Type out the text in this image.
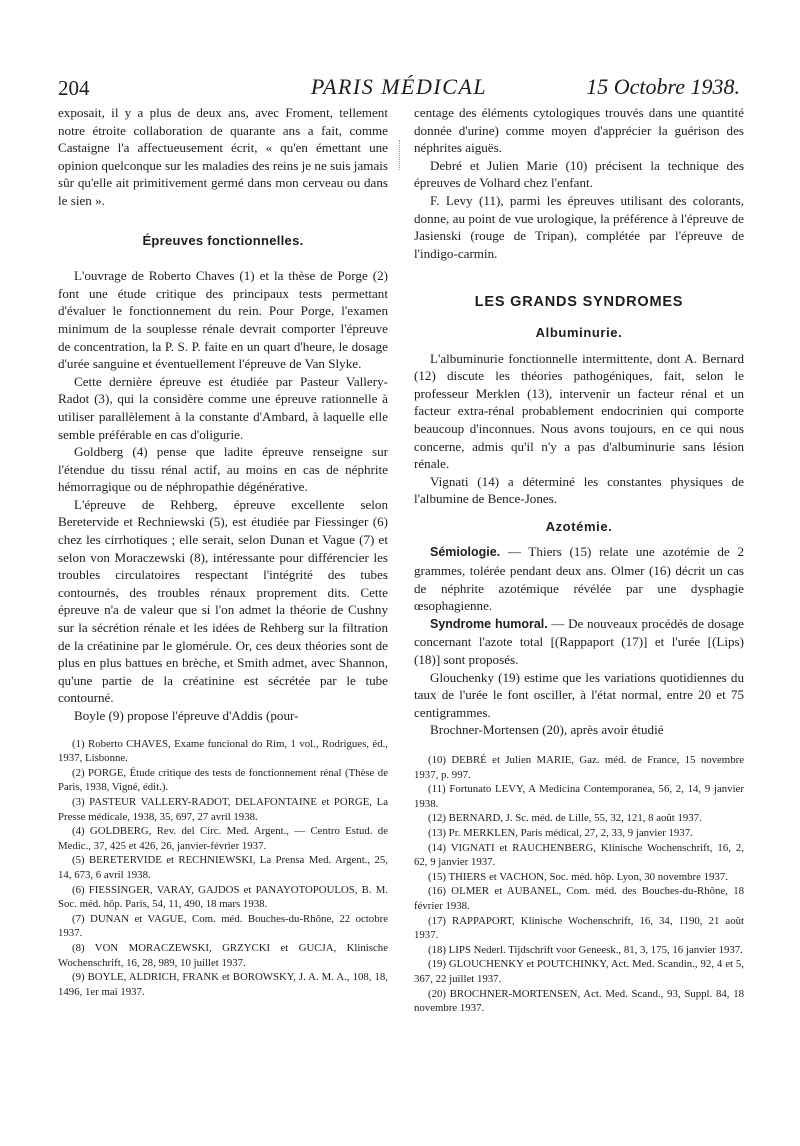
204	PARIS MÉDICAL	15 Octobre 1938.

exposait, il y a plus de deux ans, avec Froment, tellement notre étroite collaboration de quarante ans a fait, comme Castaigne l'a affectueusement écrit, « qu'en émettant une opinion quelconque sur les maladies des reins je ne suis jamais sûr qu'elle ait primitivement germé dans mon cerveau ou dans le sien ».

Épreuves fonctionnelles.

L'ouvrage de Roberto Chaves (1) et la thèse de Porge (2) font une étude critique des principaux tests permettant d'évaluer le fonctionnement du rein. Pour Porge, l'examen minimum de la souplesse rénale devrait comporter l'épreuve de concentration, la P. S. P. faite en un quart d'heure, le dosage d'urée sanguine et éventuellement l'épreuve de Van Slyke.

Cette dernière épreuve est étudiée par Pasteur Vallery-Radot (3), qui la considère comme une épreuve rationnelle à utiliser parallèlement à la constante d'Ambard, à laquelle elle semble préférable en cas d'oligurie.

Goldberg (4) pense que ladite épreuve renseigne sur l'étendue du tissu rénal actif, au moins en cas de néphrite hémorragique ou de néphropathie dégénérative.

L'épreuve de Rehberg, épreuve excellente selon Beretervide et Rechniewski (5), est étudiée par Fiessinger (6) chez les cirrhotiques ; elle serait, selon Dunan et Vague (7) et selon von Moraczewski (8), intéressante pour différencier les troubles circulatoires respectant l'intégrité des tubes contournés, des troubles rénaux proprement dits. Cette épreuve n'a de valeur que si l'on admet la théorie de Cushny sur la sécrétion rénale et les idées de Rehberg sur la filtration de la créatinine par le glomérule. Or, ces deux théories sont de plus en plus battues en brèche, et Smith admet, avec Shannon, qu'une partie de la créatinine est sécrétée par le tube contourné.

Boyle (9) propose l'épreuve d'Addis (pour-

(1) Roberto CHAVES, Exame funcional do Rim, 1 vol., Rodrigues, éd., 1937, Lisbonne.

(2) PORGE, Étude critique des tests de fonctionnement rénal (Thèse de Paris, 1938, Vigné, édit.).

(3) PASTEUR VALLERY-RADOT, DELAFONTAINE et PORGE, La Presse médicale, 1938, 35, 697, 27 avril 1938.

(4) GOLDBERG, Rev. del Circ. Med. Argent., — Centro Estud. de Medic., 37, 425 et 426, 26, janvier-février 1937.

(5) BERETERVIDE et RECHNIEWSKI, La Prensa Med. Argent., 25, 14, 673, 6 avril 1938.

(6) FIESSINGER, VARAY, GAJDOS et PANAYOTOPOULOS, B. M. Soc. méd. hôp. Paris, 54, 11, 490, 18 mars 1938.

(7) DUNAN et VAGUE, Com. méd. Bouches-du-Rhône, 22 octobre 1937.

(8) VON MORACZEWSKI, GRZYCKI et GUCJA, Klinische Wochenschrift, 16, 28, 989, 10 juillet 1937.

(9) BOYLE, ALDRICH, FRANK et BOROWSKY, J. A. M. A., 108, 18, 1496, 1er mai 1937.

centage des éléments cytologiques trouvés dans une quantité donnée d'urine) comme moyen d'apprécier la guérison des néphrites aiguës.

Debré et Julien Marie (10) précisent la technique des épreuves de Volhard chez l'enfant.

F. Levy (11), parmi les épreuves utilisant des colorants, donne, au point de vue urologique, la préférence à l'épreuve de Jasienski (rouge de Tripan), complétée par l'épreuve de l'indigo-carmin.

LES GRANDS SYNDROMES
Albuminurie.

L'albuminurie fonctionnelle intermittente, dont A. Bernard (12) discute les théories pathogéniques, fait, selon le professeur Merklen (13), intervenir un facteur rénal et un facteur extra-rénal probablement endocrinien qui comporte beaucoup d'inconnues. Nous avons toujours, en ce qui nous concerne, admis qu'il n'y a pas d'albuminurie sans lésion rénale.

Vignati (14) a déterminé les constantes physiques de l'albumine de Bence-Jones.

Azotémie.

Sémiologie. — Thiers (15) relate une azotémie de 2 grammes, tolérée pendant deux ans. Olmer (16) décrit un cas de néphrite azotémique révélée par une dysphagie œsophagienne.

Syndrome humoral. — De nouveaux procédés de dosage concernant l'azote total [(Rappaport (17)] et l'urée [(Lips) (18)] sont proposés.

Glouchenky (19) estime que les variations quotidiennes du taux de l'urée le font osciller, à l'état normal, entre 20 et 75 centigrammes.

Brochner-Mortensen (20), après avoir étudié

(10) DEBRÉ et Julien MARIE, Gaz. méd. de France, 15 novembre 1937, p. 997.

(11) Fortunato LEVY, A Medicina Contemporanea, 56, 2, 14, 9 janvier 1938.

(12) BERNARD, J. Sc. méd. de Lille, 55, 32, 121, 8 août 1937.

(13) Pr. MERKLEN, Paris médical, 27, 2, 33, 9 janvier 1937.

(14) VIGNATI et RAUCHENBERG, Klinische Wochenschrift, 16, 2, 62, 9 janvier 1937.

(15) THIERS et VACHON, Soc. méd. hôp. Lyon, 30 novembre 1937.

(16) OLMER et AUBANEL, Com. méd. des Bouches-du-Rhône, 18 février 1938.

(17) RAPPAPORT, Klinische Wochenschrift, 16, 34, 1190, 21 août 1937.

(18) LIPS Nederl. Tijdschrift voor Geneesk., 81, 3, 175, 16 janvier 1937.

(19) GLOUCHENKY et POUTCHINKY, Act. Med. Scandin., 92, 4 et 5, 367, 22 juillet 1937.

(20) BROCHNER-MORTENSEN, Act. Med. Scand., 93, Suppl. 84, 18 novembre 1937.
